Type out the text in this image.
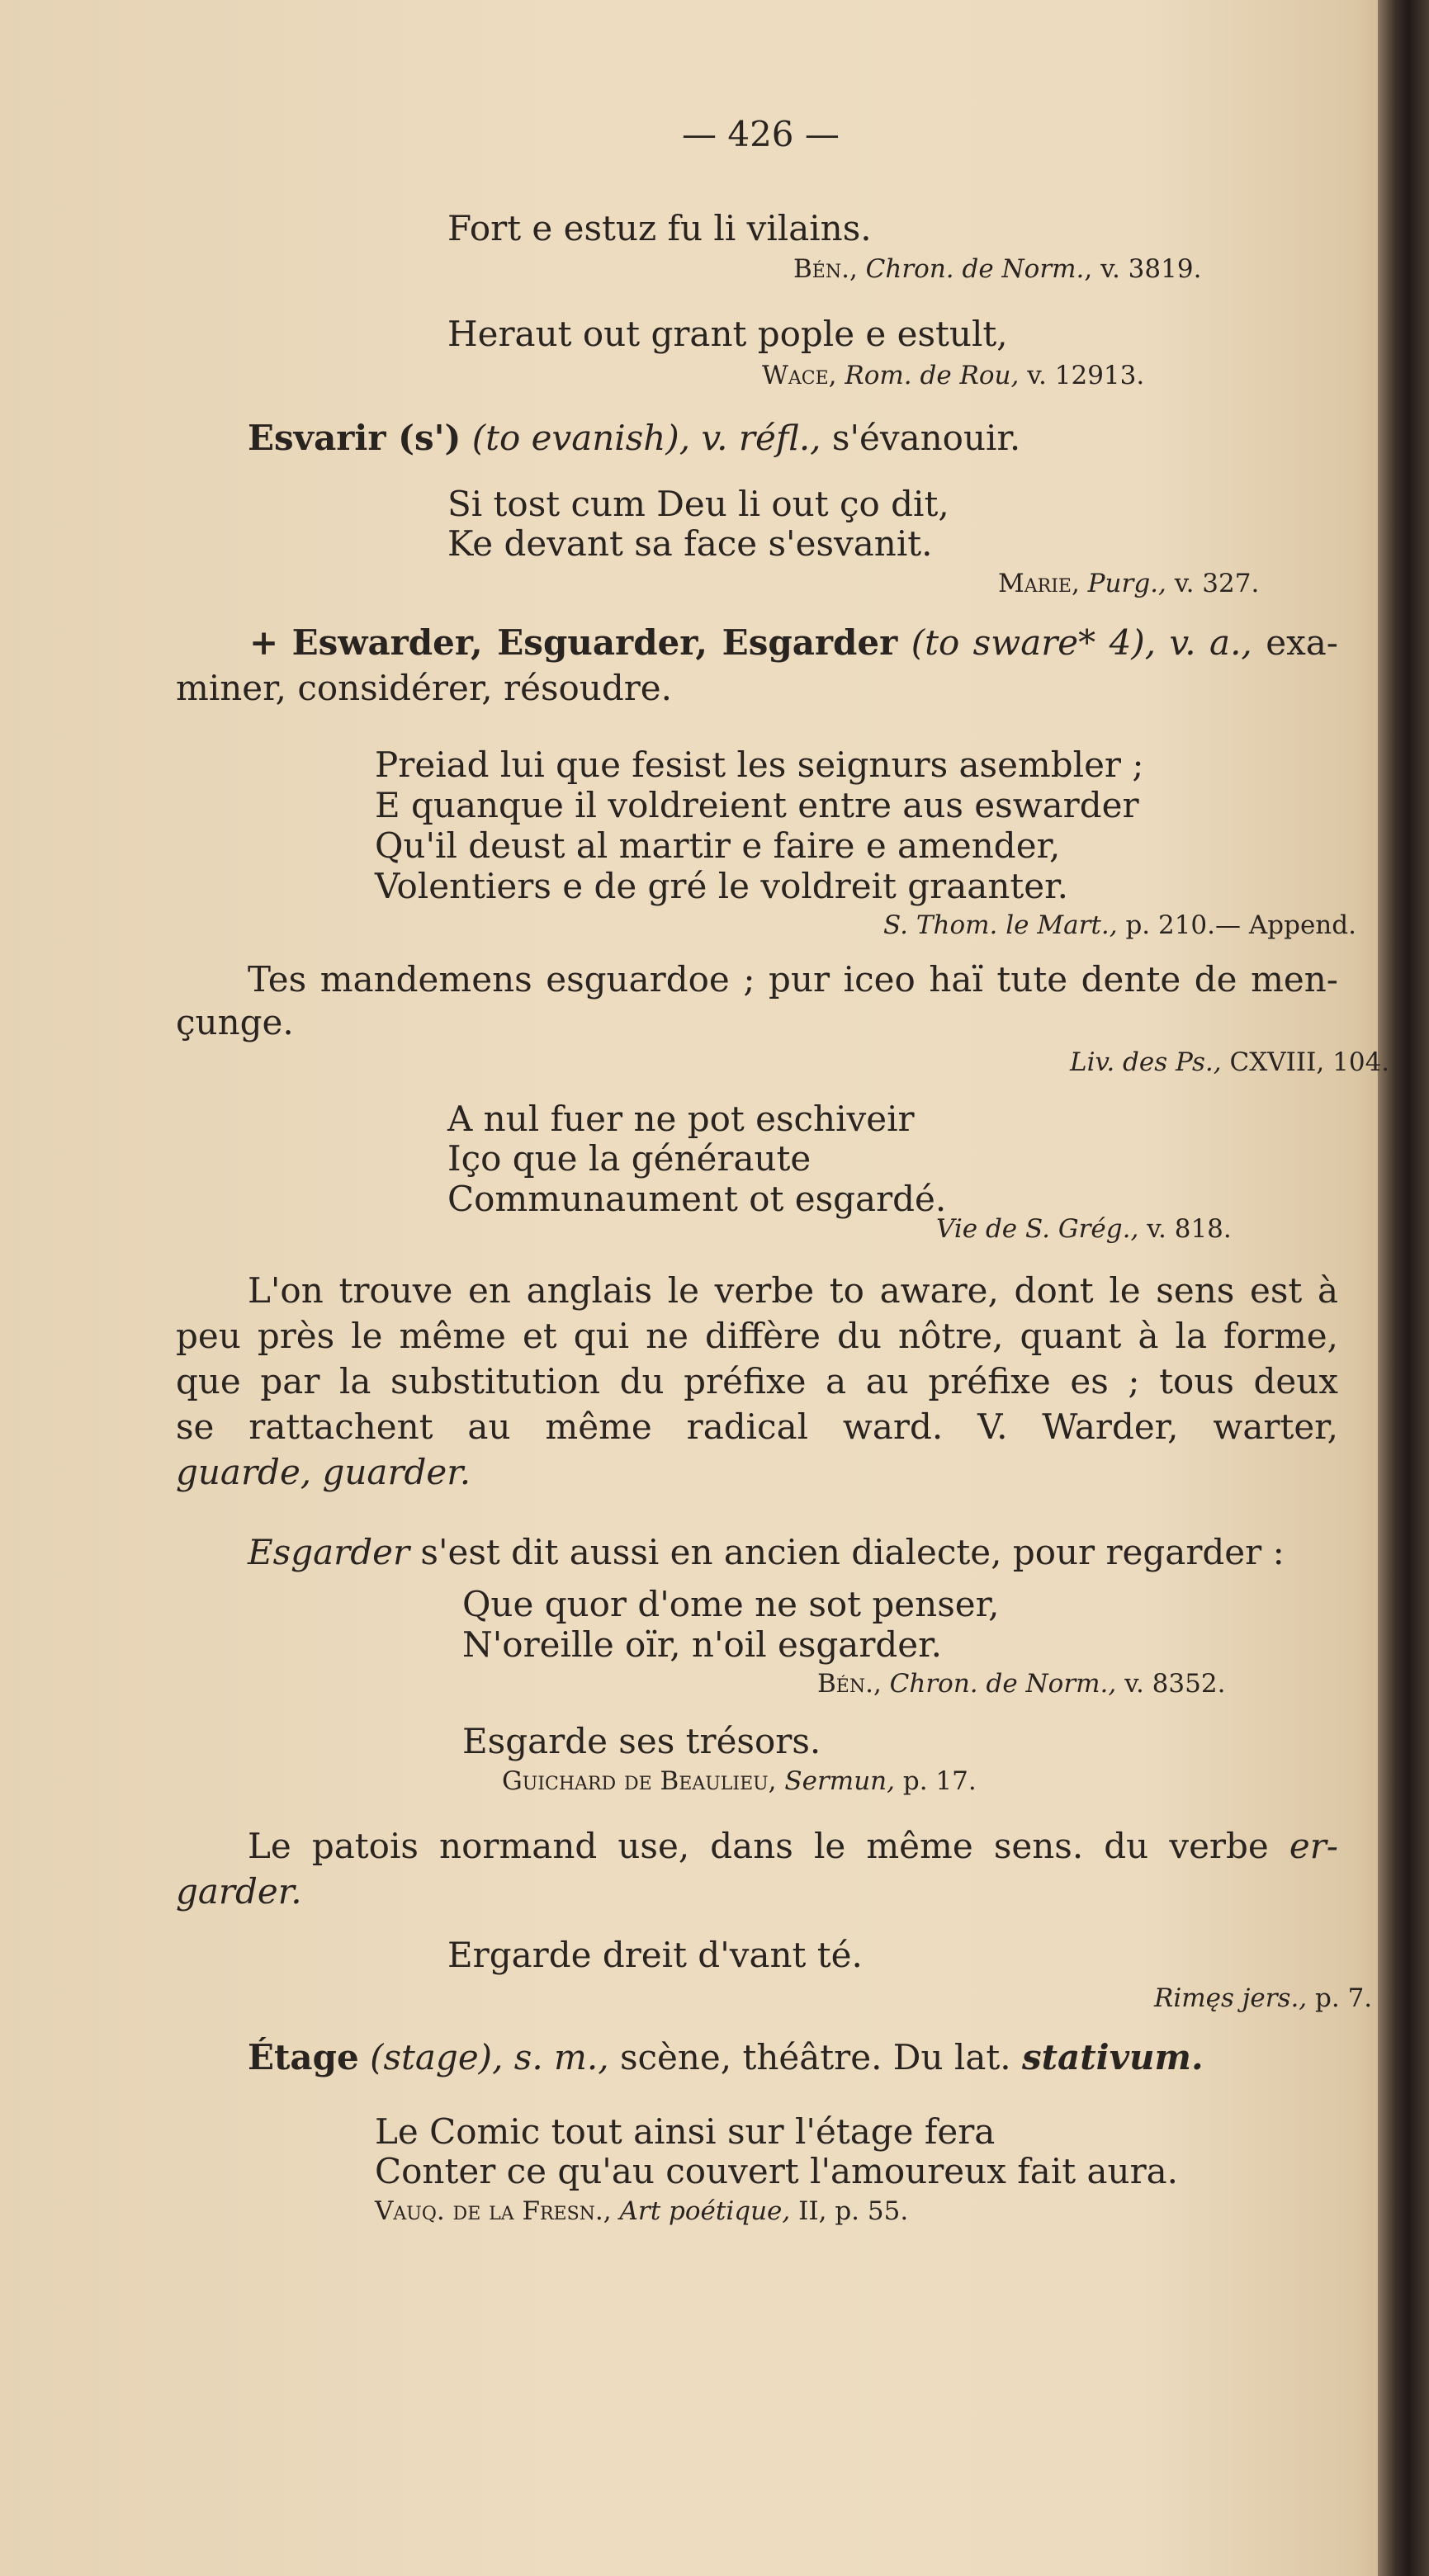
— 426 —
Fort e estuz fu li vilains.
Bén., Chron. de Norm., v. 3819.
Heraut out grant pople e estult,
Wace, Rom. de Rou, v. 12913.
Esvarir (s') (to evanish), v. réfl., s'évanouir.
Si tost cum Deu li out ço dit,
Ke devant sa face s'esvanit.
Marie, Purg., v. 327.
+ Eswarder, Esguarder, Esgarder (to sware* 4), v. a., exa-
miner, considérer, résoudre.
Preiad lui que fesist les seignurs asembler ;
E quanque il voldreient entre aus eswarder
Qu'il deust al martir e faire e amender,
Volentiers e de gré le voldreit graanter.
S. Thom. le Mart., p. 210.— Append.
Tes mandemens esguardoe ; pur iceo haï tute dente de men-
çunge.
Liv. des Ps., CXVIII, 104.
A nul fuer ne pot eschiveir
Iço que la généraute
Communaument ot esgardé.
Vie de S. Grég., v. 818.
L'on trouve en anglais le verbe to aware, dont le sens est à
peu près le même et qui ne diffère du nôtre, quant à la forme,
que par la substitution du préfixe a au préfixe es ; tous deux
se rattachent au même radical ward. V. Warder, warter,
guarde, guarder.
Esgarder s'est dit aussi en ancien dialecte, pour regarder :
Que quor d'ome ne sot penser,
N'oreille oïr, n'oil esgarder.
Bén., Chron. de Norm., v. 8352.
Esgarde ses trésors.
Guichard de Beaulieu, Sermun, p. 17.
Le patois normand use, dans le même sens. du verbe er-
garder.
Ergarde dreit d'vant té.
Rimęs jers., p. 7.
Étage (stage), s. m., scène, théâtre. Du lat. stativum.
Le Comic tout ainsi sur l'étage fera
Conter ce qu'au couvert l'amoureux fait aura.
Vauq. de la Fresn., Art poétique, II, p. 55.
